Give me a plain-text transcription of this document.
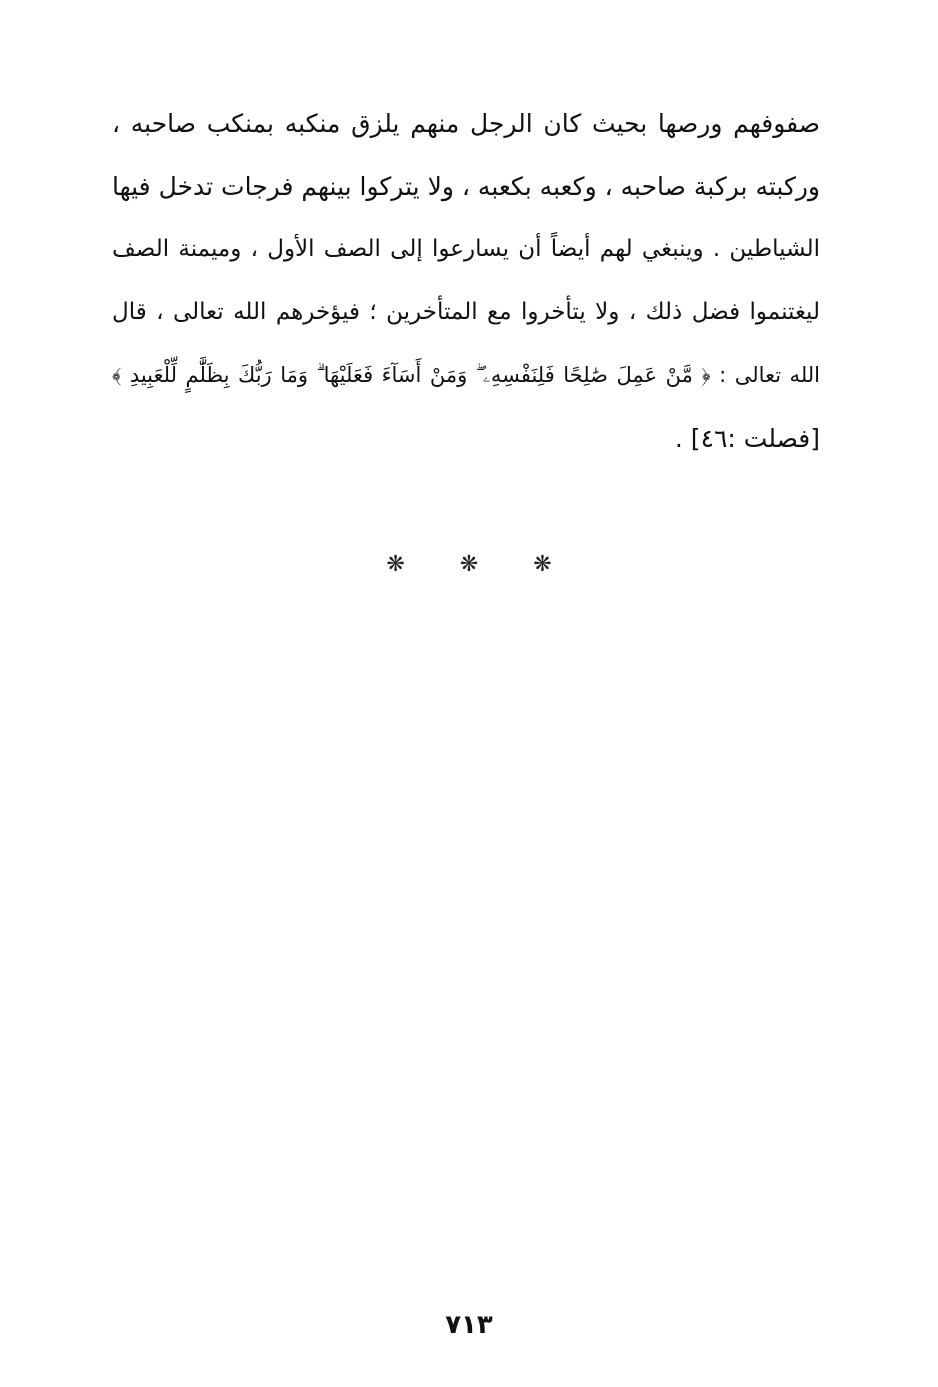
صفوفهم ورصها بحيث كان الرجل منهم يلزق منكبه بمنكب صاحبه ،
وركبته بركبة صاحبه ، وكعبه بكعبه ، ولا يتركوا بينهم فرجات تدخل فيها
الشياطين . وينبغي لهم أيضاً أن يسارعوا إلى الصف الأول ، وميمنة الصف
ليغتنموا فضل ذلك ، ولا يتأخروا مع المتأخرين ؛ فيؤخرهم الله تعالى ، قال
الله تعالى : ﴿ مَّنْ عَمِلَ صَٰلِحًا فَلِنَفْسِهِۦ ۖ وَمَنْ أَسَآءَ فَعَلَيْهَا ۗ وَمَا رَبُّكَ بِظَلَّٰمٍ لِّلْعَبِيدِ ﴾
[فصلت :٤٦] .
❋	❋	❋
٧١٣
